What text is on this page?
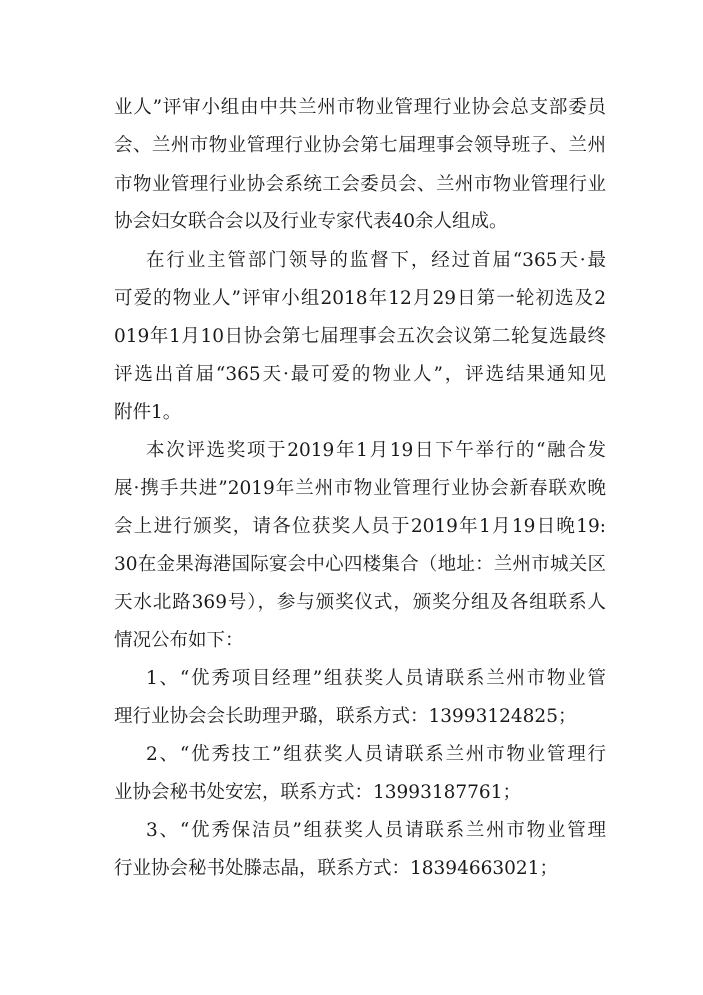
业人”评审小组由中共兰州市物业管理行业协会总支部委员
会、兰州市物业管理行业协会第七届理事会领导班子、兰州
市物业管理行业协会系统工会委员会、兰州市物业管理行业
协会妇女联合会以及行业专家代表40余人组成。
在行业主管部门领导的监督下，经过首届“365天·最
可爱的物业人”评审小组2018年12月29日第一轮初选及2
019年1月10日协会第七届理事会五次会议第二轮复选最终
评选出首届“365天·最可爱的物业人”，评选结果通知见
附件1。
本次评选奖项于2019年1月19日下午举行的“融合发
展·携手共进”2019年兰州市物业管理行业协会新春联欢晚
会上进行颁奖，请各位获奖人员于2019年1月19日晚19:
30在金果海港国际宴会中心四楼集合（地址：兰州市城关区
天水北路369号），参与颁奖仪式，颁奖分组及各组联系人
情况公布如下：
1、“优秀项目经理”组获奖人员请联系兰州市物业管
理行业协会会长助理尹璐，联系方式：13993124825；
2、“优秀技工”组获奖人员请联系兰州市物业管理行
业协会秘书处安宏，联系方式：13993187761；
3、“优秀保洁员”组获奖人员请联系兰州市物业管理
行业协会秘书处滕志晶，联系方式：18394663021；
